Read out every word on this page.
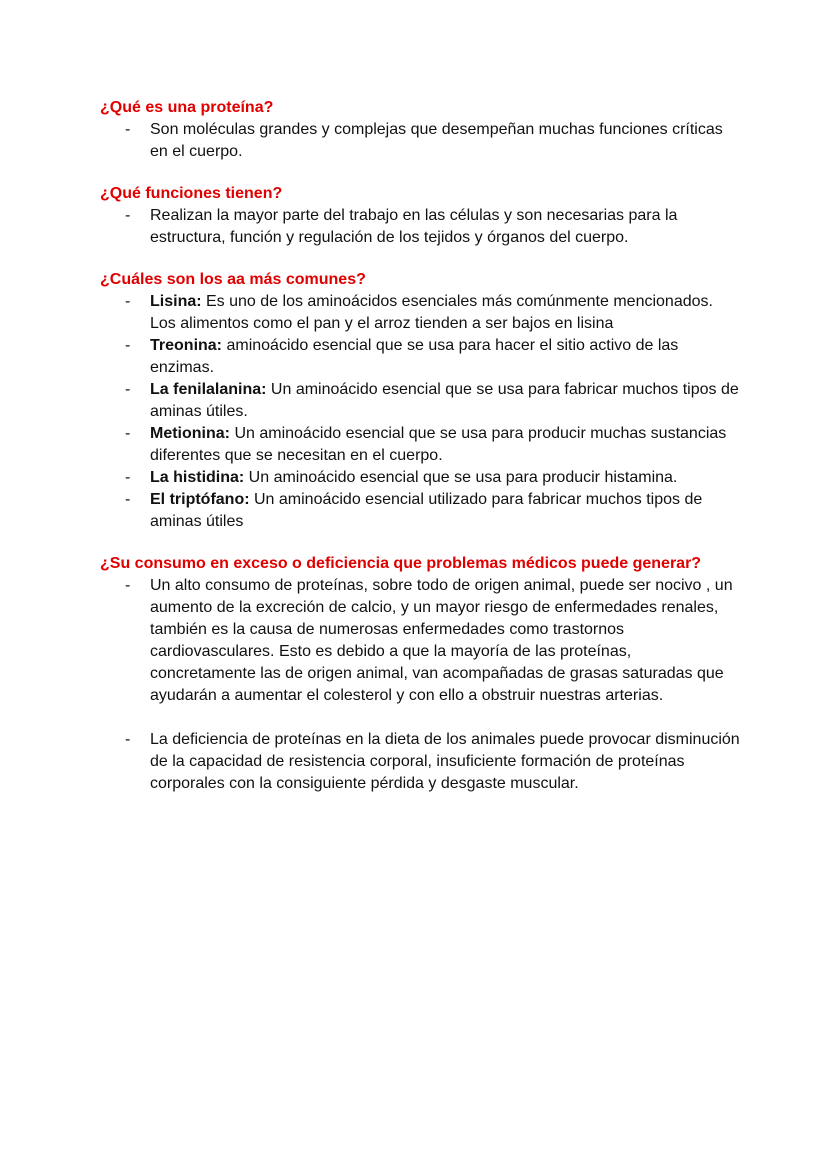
¿Qué es una proteína?

- Son moléculas grandes y complejas que desempeñan muchas funciones críticas en el cuerpo.

¿Qué funciones tienen?

- Realizan la mayor parte del trabajo en las células y son necesarias para la estructura, función y regulación de los tejidos y órganos del cuerpo.

¿Cuáles son los aa más comunes?

- Lisina: Es uno de los aminoácidos esenciales más comúnmente mencionados. Los alimentos como el pan y el arroz tienden a ser bajos en lisina
- Treonina: aminoácido esencial que se usa para hacer el sitio activo de las enzimas.
- La fenilalanina: Un aminoácido esencial que se usa para fabricar muchos tipos de aminas útiles.
- Metionina: Un aminoácido esencial que se usa para producir muchas sustancias diferentes que se necesitan en el cuerpo.
- La histidina: Un aminoácido esencial que se usa para producir histamina.
- El triptófano: Un aminoácido esencial utilizado para fabricar muchos tipos de aminas útiles

¿Su consumo en exceso o deficiencia que problemas médicos puede generar?

- Un alto consumo de proteínas, sobre todo de origen animal, puede ser nocivo , un aumento de la excreción de calcio, y un mayor riesgo de enfermedades renales, también es la causa de numerosas enfermedades como trastornos cardiovasculares. Esto es debido a que la mayoría de las proteínas, concretamente las de origen animal, van acompañadas de grasas saturadas que ayudarán a aumentar el colesterol y con ello a obstruir nuestras arterias.
- La deficiencia de proteínas en la dieta de los animales puede provocar disminución de la capacidad de resistencia corporal, insuficiente formación de proteínas corporales con la consiguiente pérdida y desgaste muscular.
